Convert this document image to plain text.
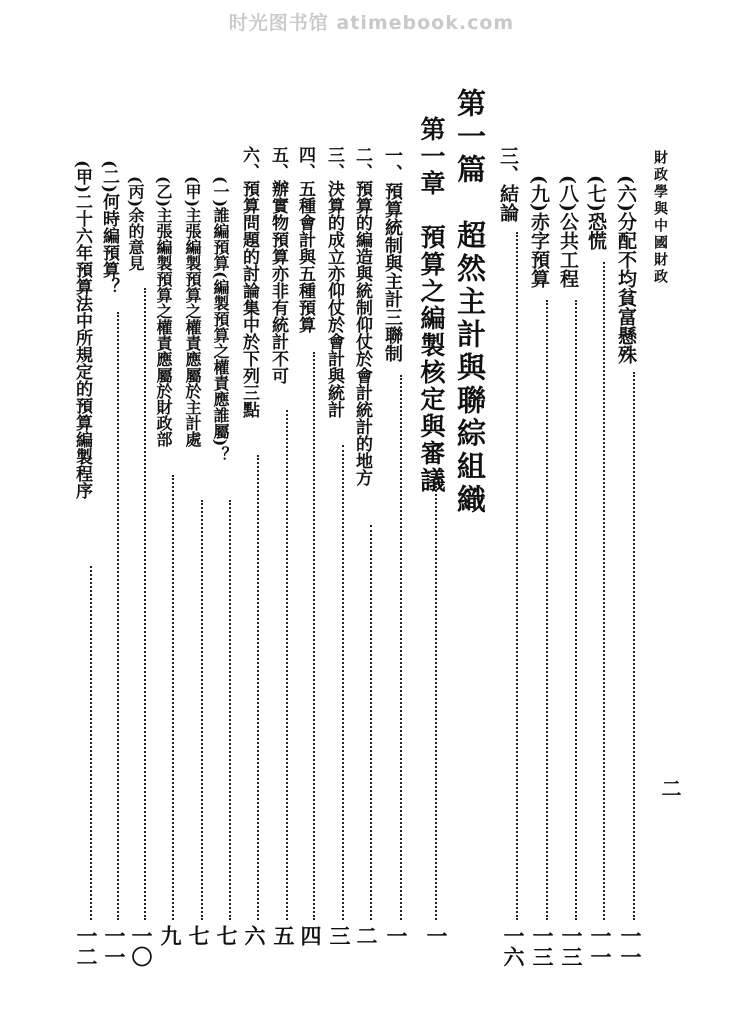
时光图书馆 atimebook.com
財政學與中國財政
二
(六)分配不均貧富懸殊
一一
(七)恐慌
一一
(八)公共工程
一三
(九)赤字預算
一三
三、結論
一六
第一篇　超然主計與聯綜組織
第一章　預算之編製核定與審議
一
一、預算統制與主計三聯制
一
二、預算的編造與統制仰仗於會計統計的地方
二
三、決算的成立亦仰仗於會計與統計
三
四、五種會計與五種預算
四
五、辦實物預算亦非有統計不可
五
六、預算問題的討論集中於下列三點
六
(一)誰編預算(編製預算之權責應誰屬)？
七
(甲)主張編製預算之權責應屬於主計處
七
(乙)主張編製預算之權責應屬於財政部
九
(丙)余的意見
一〇
(二)何時編預算？
一一
(甲)二十六年預算法中所規定的預算編製程序
一二
